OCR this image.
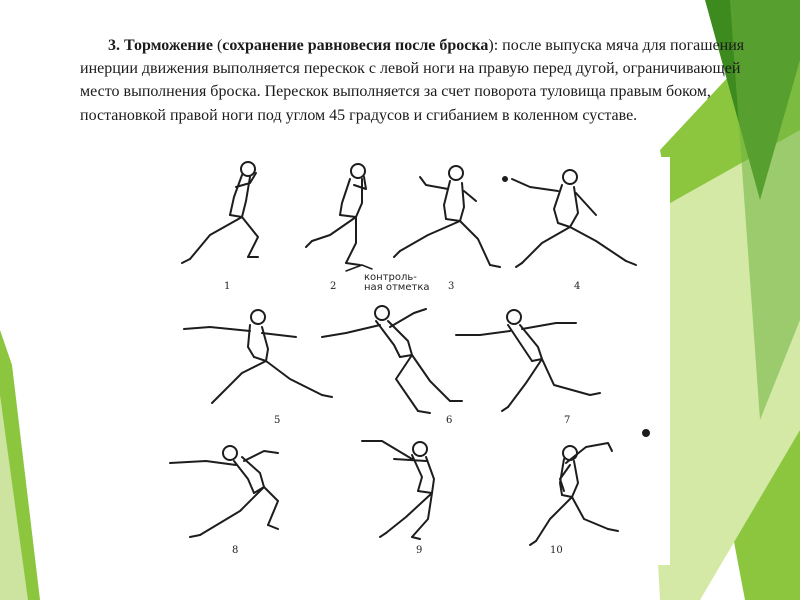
3. Торможение (сохранение равновесия после броска): после выпуска мяча для погашения инерции движения выполняется перескок с левой ноги на правую перед дугой, ограничивающей место выполнения броска. Перескок выполняется за счет поворота туловища правым боком, постановкой правой ноги под углом 45 градусов и сгибанием в коленном суставе.

1	2	3	4
5	6	7
8	9	10
контроль-
ная отметка
